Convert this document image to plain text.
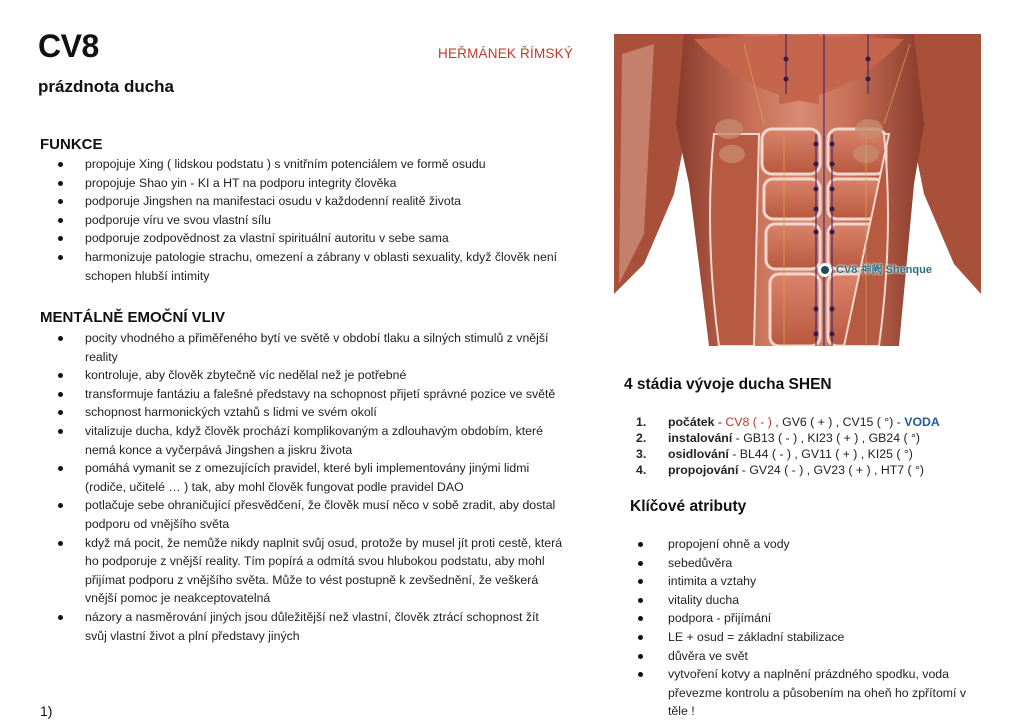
CV8
prázdnota ducha
HEŘMÁNEK ŘÍMSKÝ
FUNKCE
propojuje Xing ( lidskou podstatu ) s vnitřním potenciálem ve formě osudu
propojuje Shao yin - KI a HT na podporu integrity člověka
podporuje Jingshen na manifestaci osudu v každodenní realitě života
podporuje víru ve svou vlastní sílu
podporuje zodpovědnost za vlastní spirituální autoritu v sebe sama
harmonizuje patologie strachu, omezení a zábrany v oblasti sexuality, když člověk není schopen hlubší intimity
MENTÁLNĚ EMOČNÍ VLIV
pocity vhodného a přiměřeného bytí ve světě v období tlaku a silných stimulů z vnější reality
kontroluje, aby člověk zbytečně víc nedělal než je potřebné
transformuje fantáziu a falešné představy na schopnost přijetí správné pozice ve světě
schopnost harmonických vztahů s lidmi ve svém okolí
vitalizuje ducha, když člověk prochází komplikovaným a zdlouhavým obdobím, které nemá konce a vyčerpává Jingshen a jiskru života
pomáhá vymanit se z omezujících pravidel, které byli implementovány jinými lidmi (rodiče, učitelé … ) tak, aby mohl člověk fungovat podle pravidel DAO
potlačuje sebe ohraničující přesvědčení, že člověk musí něco v sobě zradit, aby dostal podporu od vnějšího světa
když má pocit, že nemůže nikdy naplnit svůj osud, protože by musel jít proti cestě, která ho podporuje z vnější reality. Tím popírá a odmítá svou hlubokou podstatu, aby mohl přijímat podporu z vnějšího světa. Může to vést postupně k zevšednění, že veškerá vnější pomoc je neakceptovatelná
názory a nasměrování jiných jsou důležitější než vlastní, člověk ztrácí schopnost žít svůj vlastní život a plní představy jiných
CV8 神阙 Shenque
4 stádia vývoje ducha SHEN
1. počátek - CV8 ( - ) , GV6 ( + ) , CV15 ( °) - VODA
2. instalování - GB13 ( - ) , KI23 ( + ) , GB24 ( °)
3. osidlování - BL44 ( - ) , GV11 ( + ) , KI25 ( °)
4. propojování - GV24 ( - ) , GV23 ( + ) , HT7 ( °)
Klíčové atributy
propojení ohně a vody
sebedůvěra
intimita a vztahy
vitality ducha
podpora - přijímání
LE + osud = základní stabilizace
důvěra ve svět
vytvoření kotvy a naplnění prázdného spodku, voda převezme kontrolu a působením na oheň ho zpřítomí v těle !
1)
